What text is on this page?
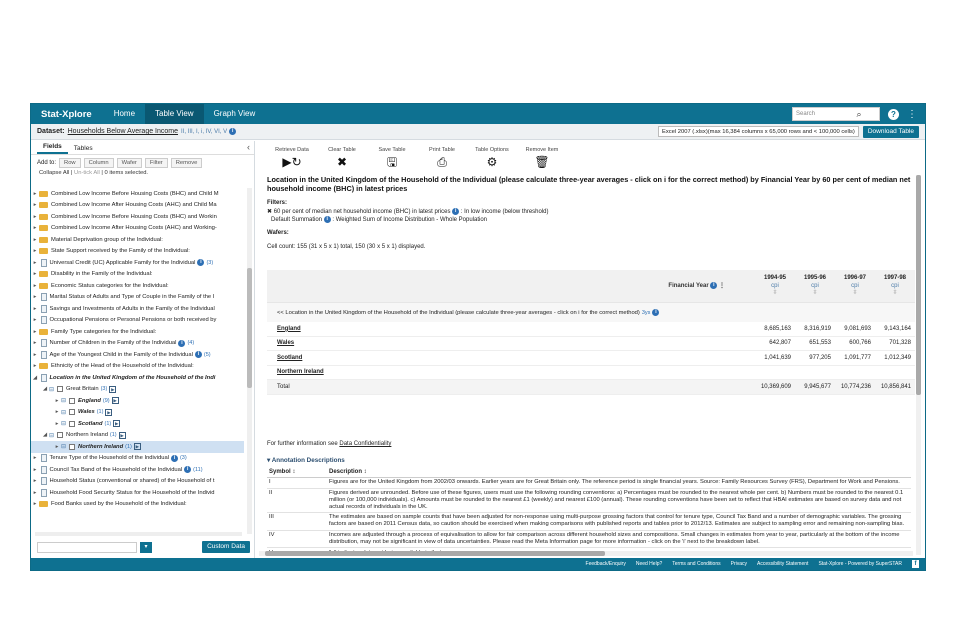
Stat-Xplore	Home	Table View	Graph View	Search	⌕	?	⋮
Dataset: Households Below Average Income II, III, I, i, IV, VI, V i	Excel 2007 (.xlsx)(max 16,384 columns x 65,000 rows and < 100,000 cells)	Download Table
Fields	Tables	‹
Add to:	Row	Column	Wafer	Filter	Remove
Collapse All | Un-tick All | 0 items selected.
▸	Combined Low Income Before Housing Costs (BHC) and Child M
▸	Combined Low Income After Housing Costs (AHC) and Child Ma
▸	Combined Low Income Before Housing Costs (BHC) and Workin
▸	Combined Low Income After Housing Costs (AHC) and Working-
▸	Material Deprivation group of the Individual:
▸	State Support received by the Family of the Individual:
▸	Universal Credit (UC) Applicable Family for the Individual i (3)
▸	Disability in the Family of the Individual:
▸	Economic Status categories for the Individual:
▸	Marital Status of Adults and Type of Couple in the Family of the I
▸	Savings and Investments of Adults in the Family of the Individual
▸	Occupational Pensions or Personal Pensions or both received by
▸	Family Type categories for the Individual:
▸	Number of Children in the Family of the Individual i (4)
▸	Age of the Youngest Child in the Family of the Individual i (5)
▸	Ethnicity of the Head of the Household of the Individual:
◢	Location in the United Kingdom of the Household of the Indi
◢ ⊟ Great Britain (3) ▶
▸ ⊟ England (9) ▶
▸ ⊟ Wales (1) ▶
▸ ⊟ Scotland (1) ▶
◢ ⊟ Northern Ireland (1) ▶
▸ ⊟ Northern Ireland (1) ▶
▸	Tenure Type of the Household of the Individual i (3)
▸	Council Tax Band of the Household of the Individual i (11)
▸	Household Status (conventional or shared) of the Household of t
▸	Household Food Security Status for the Household of the Individ
▸	Food Banks used by the Household of the Individual:
▾	Custom Data
Retrieve Data
▶↻
Clear Table
✖
Save Table
🖫
Print Table
⎙
Table Options
⚙
Remove Item
🗑
Location in the United Kingdom of the Household of the Individual (please calculate three-year averages - click on i for the correct method) by Financial Year by 60 per cent of median net household income (BHC) in latest prices
Filters:
✖ 60 per cent of median net household income (BHC) in latest prices i : In low income (below threshold)
Default Summation i : Weighted Sum of Income Distribution - Whole Population
Wafers:
Cell count: 155 (31 x 5 x 1) total, 150 (30 x 5 x 1) displayed.
Financial Year i ⋮
1994-95
cpi
⇳
1995-96
cpi
⇳
1996-97
cpi
⇳
1997-98
cpi
⇳
<< Location in the United Kingdom of the Household of the Individual (please calculate three-year averages - click on i for the correct method) 3ys i
England	8,685,163	8,316,919	9,081,693	9,143,164
Wales	642,807	651,553	600,766	701,328
Scotland	1,041,639	977,205	1,091,777	1,012,349
Northern Ireland
Total	10,369,609	9,945,677	10,774,236	10,856,841
For further information see Data Confidentiality
▾ Annotation Descriptions
Symbol ↕	Description ↕
I	Figures are for the United Kingdom from 2002/03 onwards. Earlier years are for Great Britain only. The reference period is single financial years. Source: Family Resources Survey (FRS), Department for Work and Pensions.
II	Figures derived are unrounded. Before use of these figures, users must use the following rounding conventions: a) Percentages must be rounded to the nearest whole per cent. b) Numbers must be rounded to the nearest 0.1 million (or 100,000 individuals). c) Amounts must be rounded to the nearest £1 (weekly) and nearest £100 (annual). These rounding conventions have been set to reflect that HBAI estimates are based on survey data and not actual records of individuals in the UK.
III	The estimates are based on sample counts that have been adjusted for non-response using multi-purpose grossing factors that control for tenure type, Council Tax Band and a number of demographic variables. The grossing factors are based on 2011 Census data, so caution should be exercised when making comparisons with published reports and tables prior to 2012/13. Estimates are subject to sampling error and remaining non-sampling bias.
IV	Incomes are adjusted through a process of equivalisation to allow for fair comparison across different household sizes and compositions. Small changes in estimates from year to year, particularly at the bottom of the income distribution, may not be significant in view of data uncertainties. Please read the Meta Information page for more information - click on the 'i' next to the breakdown label.
Feedback/Enquiry Need Help? Terms and Conditions Privacy Accessibility Statement Stat-Xplore - Powered by SuperSTAR	f
